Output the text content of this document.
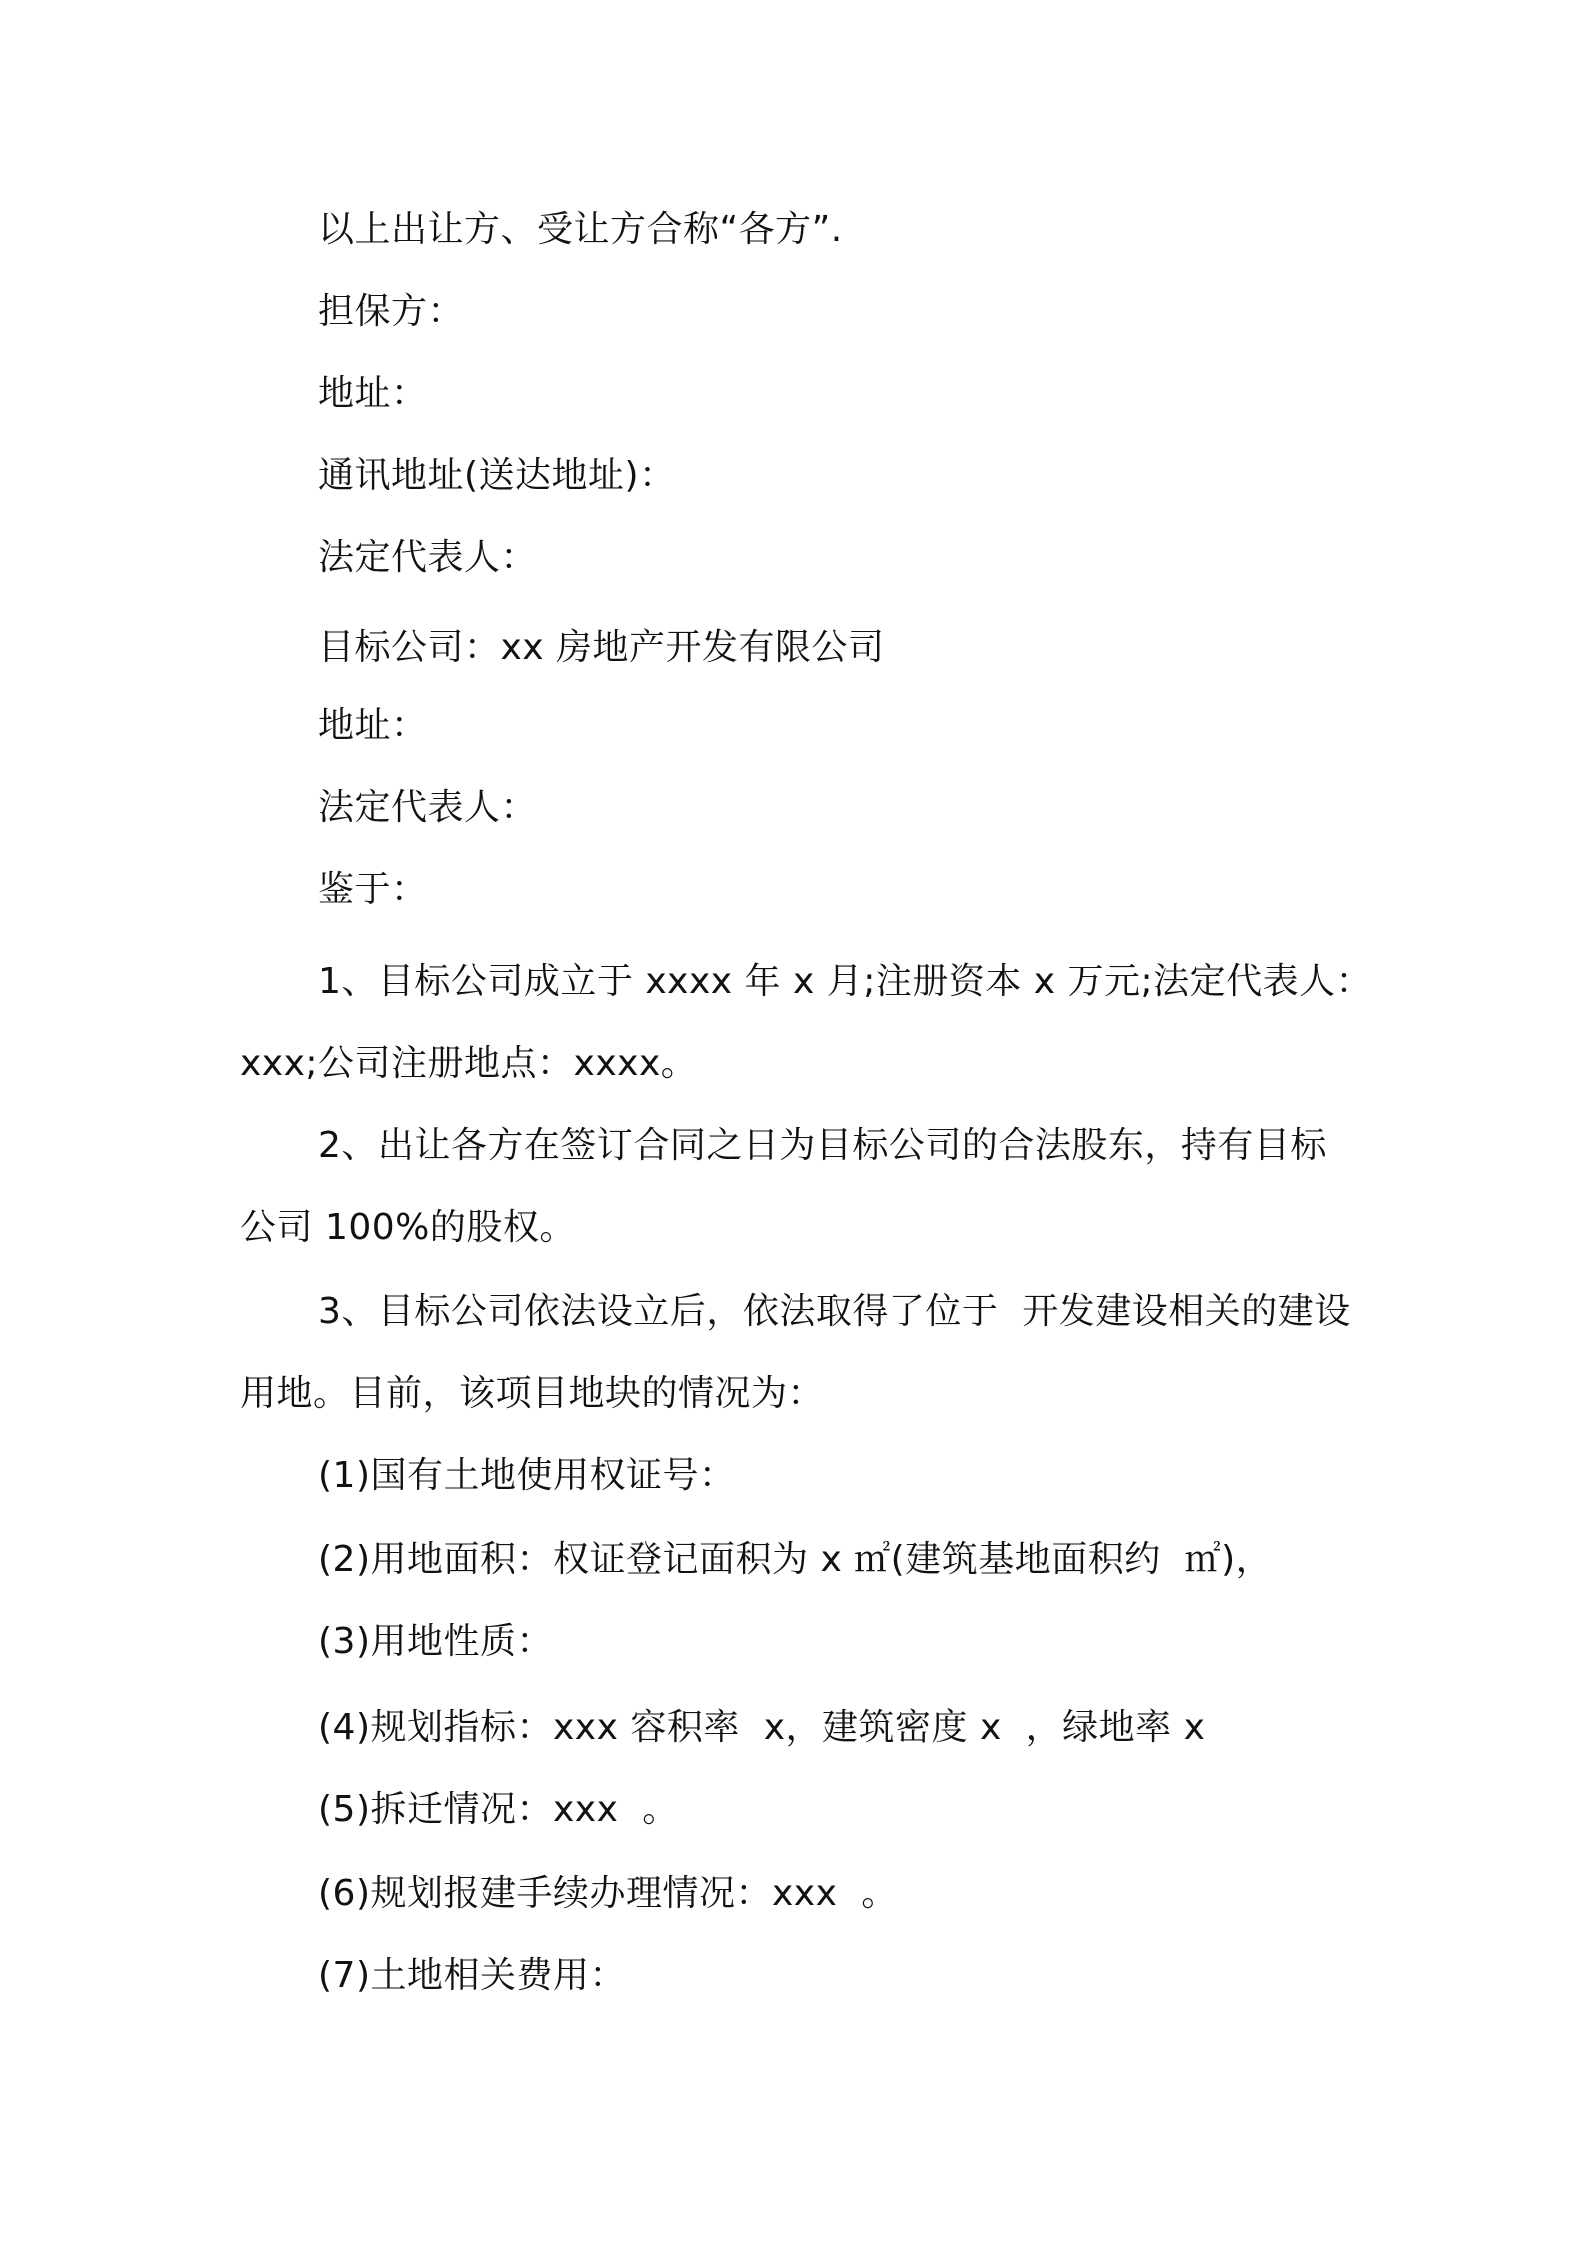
以上出让方、受让方合称“各方”.
担保方：
地址：
通讯地址(送达地址)：
法定代表人：
目标公司：xx 房地产开发有限公司
地址：
法定代表人：
鉴于：
1、目标公司成立于 xxxx 年 x 月;注册资本 x 万元;法定代表人：
xxx;公司注册地点：xxxx。
2、出让各方在签订合同之日为目标公司的合法股东，持有目标
公司 100%的股权。
3、目标公司依法设立后，依法取得了位于  开发建设相关的建设
用地。目前，该项目地块的情况为：
(1)国有土地使用权证号：
(2)用地面积：权证登记面积为 x ㎡(建筑基地面积约  ㎡)，
(3)用地性质：
(4)规划指标：xxx 容积率  x，建筑密度 x  ，绿地率 x
(5)拆迁情况：xxx  。
(6)规划报建手续办理情况：xxx  。
(7)土地相关费用：
